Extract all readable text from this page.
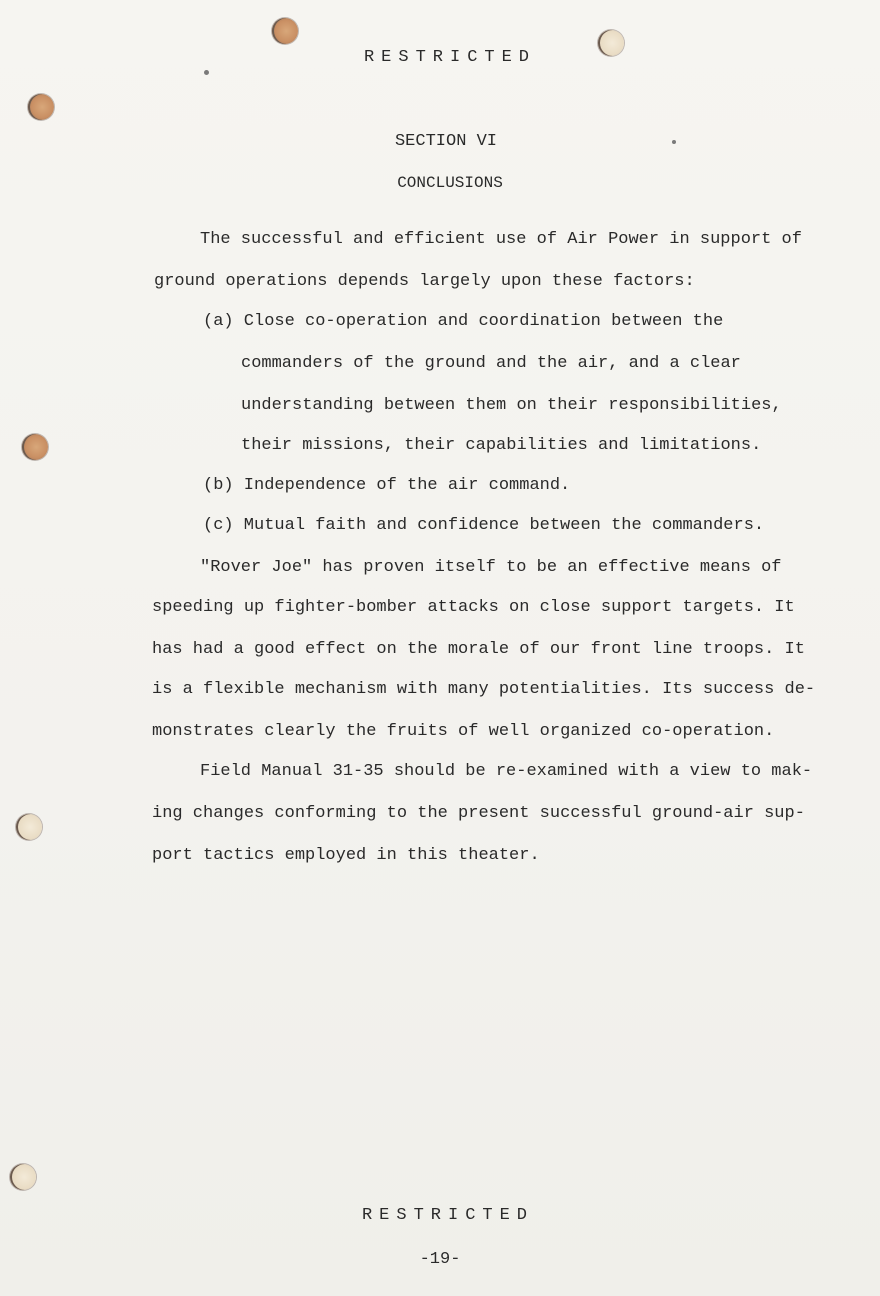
RESTRICTED
SECTION VI
CONCLUSIONS
The successful and efficient use of Air Power in support of
ground operations depends largely upon these factors:
(a) Close co-operation and coordination between the
commanders of the ground and the air, and a clear
understanding between them on their responsibilities,
their missions, their capabilities and limitations.
(b) Independence of the air command.
(c) Mutual faith and confidence between the commanders.
"Rover Joe" has proven itself to be an effective means of
speeding up fighter-bomber attacks on close support targets. It
has had a good effect on the morale of our front line troops. It
is a flexible mechanism with many potentialities. Its success de-
monstrates clearly the fruits of well organized co-operation.
Field Manual 31-35 should be re-examined with a view to mak-
ing changes conforming to the present successful ground-air sup-
port tactics employed in this theater.
RESTRICTED
-19-
